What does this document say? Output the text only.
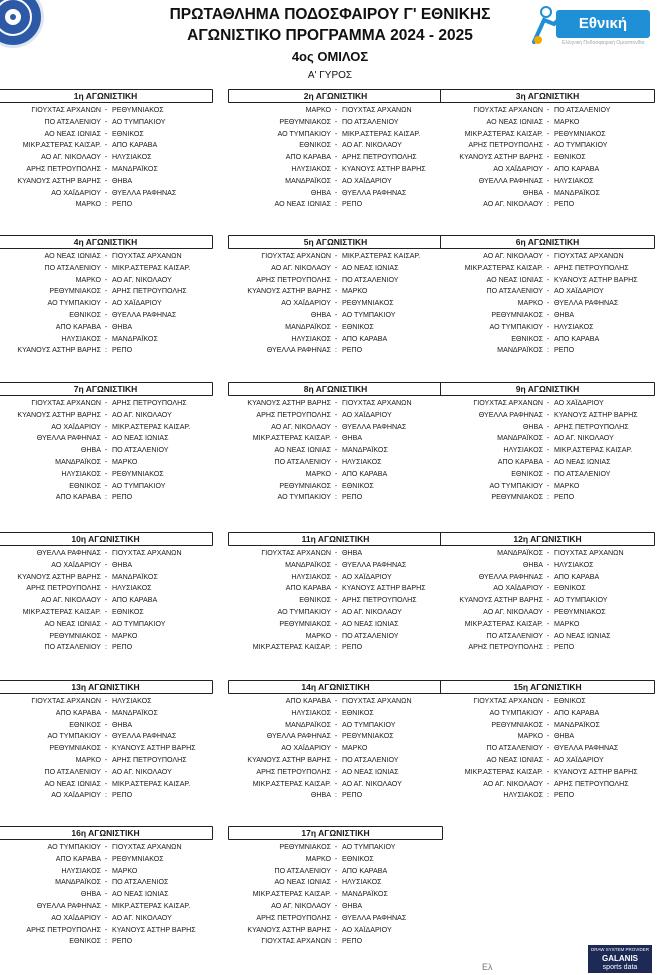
ΠΡΩΤΑΘΛΗΜΑ ΠΟΔΟΣΦΑΙΡΟΥ Γ' ΕΘΝΙΚΗΣ
ΑΓΩΝΙΣΤΙΚΟ ΠΡΟΓΡΑΜΜΑ 2024 - 2025
4ος ΟΜΙΛΟΣ
Α' ΓΥΡΟΣ
Εθνική
Ελληνική Ποδοσφαιρική Ομοσπονδία
1η ΑΓΩΝΙΣΤΙΚΗ
ΓΙΟΥΧΤΑΣ ΑΡΧΑΝΩΝ - ΡΕΘΥΜΝΙΑΚΟΣ
ΠΟ ΑΤΣΑΛΕΝΙΟΥ - ΑΟ ΤΥΜΠΑΚΙΟΥ
ΑΟ ΝΕΑΣ ΙΩΝΙΑΣ - ΕΘΝΙΚΟΣ
ΜΙΚΡ.ΑΣΤΕΡΑΣ ΚΑΙΣΑΡ. - ΑΠΟ ΚΑΡΑΒΑ
ΑΟ ΑΓ. ΝΙΚΟΛΑΟΥ - ΗΛΥΣΙΑΚΟΣ
ΑΡΗΣ ΠΕΤΡΟΥΠΟΛΗΣ - ΜΑΝΔΡΑΪΚΟΣ
ΚΥΑΝΟΥΣ ΑΣΤΗΡ ΒΑΡΗΣ - ΘΗΒΑ
ΑΟ ΧΑΪΔΑΡΙΟΥ - ΘΥΕΛΛΑ ΡΑΦΗΝΑΣ
ΜΑΡΚΟ : ΡΕΠΟ
2η ΑΓΩΝΙΣΤΙΚΗ
ΜΑΡΚΟ - ΓΙΟΥΧΤΑΣ ΑΡΧΑΝΩΝ
ΡΕΘΥΜΝΙΑΚΟΣ - ΠΟ ΑΤΣΑΛΕΝΙΟΥ
ΑΟ ΤΥΜΠΑΚΙΟΥ - ΜΙΚΡ.ΑΣΤΕΡΑΣ ΚΑΙΣΑΡ.
ΕΘΝΙΚΟΣ - ΑΟ ΑΓ. ΝΙΚΟΛΑΟΥ
ΑΠΟ ΚΑΡΑΒΑ - ΑΡΗΣ ΠΕΤΡΟΥΠΟΛΗΣ
ΗΛΥΣΙΑΚΟΣ - ΚΥΑΝΟΥΣ ΑΣΤΗΡ ΒΑΡΗΣ
ΜΑΝΔΡΑΪΚΟΣ - ΑΟ ΧΑΪΔΑΡΙΟΥ
ΘΗΒΑ - ΘΥΕΛΛΑ ΡΑΦΗΝΑΣ
ΑΟ ΝΕΑΣ ΙΩΝΙΑΣ : ΡΕΠΟ
3η ΑΓΩΝΙΣΤΙΚΗ
ΓΙΟΥΧΤΑΣ ΑΡΧΑΝΩΝ - ΠΟ ΑΤΣΑΛΕΝΙΟΥ
ΑΟ ΝΕΑΣ ΙΩΝΙΑΣ - ΜΑΡΚΟ
ΜΙΚΡ.ΑΣΤΕΡΑΣ ΚΑΙΣΑΡ. - ΡΕΘΥΜΝΙΑΚΟΣ
ΑΡΗΣ ΠΕΤΡΟΥΠΟΛΗΣ - ΑΟ ΤΥΜΠΑΚΙΟΥ
ΚΥΑΝΟΥΣ ΑΣΤΗΡ ΒΑΡΗΣ - ΕΘΝΙΚΟΣ
ΑΟ ΧΑΪΔΑΡΙΟΥ - ΑΠΟ ΚΑΡΑΒΑ
ΘΥΕΛΛΑ ΡΑΦΗΝΑΣ - ΗΛΥΣΙΑΚΟΣ
ΘΗΒΑ - ΜΑΝΔΡΑΪΚΟΣ
ΑΟ ΑΓ. ΝΙΚΟΛΑΟΥ : ΡΕΠΟ
4η ΑΓΩΝΙΣΤΙΚΗ
ΑΟ ΝΕΑΣ ΙΩΝΙΑΣ - ΓΙΟΥΧΤΑΣ ΑΡΧΑΝΩΝ
ΠΟ ΑΤΣΑΛΕΝΙΟΥ - ΜΙΚΡ.ΑΣΤΕΡΑΣ ΚΑΙΣΑΡ.
ΜΑΡΚΟ - ΑΟ ΑΓ. ΝΙΚΟΛΑΟΥ
ΡΕΘΥΜΝΙΑΚΟΣ - ΑΡΗΣ ΠΕΤΡΟΥΠΟΛΗΣ
ΑΟ ΤΥΜΠΑΚΙΟΥ - ΑΟ ΧΑΪΔΑΡΙΟΥ
ΕΘΝΙΚΟΣ - ΘΥΕΛΛΑ ΡΑΦΗΝΑΣ
ΑΠΟ ΚΑΡΑΒΑ - ΘΗΒΑ
ΗΛΥΣΙΑΚΟΣ - ΜΑΝΔΡΑΪΚΟΣ
ΚΥΑΝΟΥΣ ΑΣΤΗΡ ΒΑΡΗΣ : ΡΕΠΟ
5η ΑΓΩΝΙΣΤΙΚΗ
ΓΙΟΥΧΤΑΣ ΑΡΧΑΝΩΝ - ΜΙΚΡ.ΑΣΤΕΡΑΣ ΚΑΙΣΑΡ.
ΑΟ ΑΓ. ΝΙΚΟΛΑΟΥ - ΑΟ ΝΕΑΣ ΙΩΝΙΑΣ
ΑΡΗΣ ΠΕΤΡΟΥΠΟΛΗΣ - ΠΟ ΑΤΣΑΛΕΝΙΟΥ
ΚΥΑΝΟΥΣ ΑΣΤΗΡ ΒΑΡΗΣ - ΜΑΡΚΟ
ΑΟ ΧΑΪΔΑΡΙΟΥ - ΡΕΘΥΜΝΙΑΚΟΣ
ΘΗΒΑ - ΑΟ ΤΥΜΠΑΚΙΟΥ
ΜΑΝΔΡΑΪΚΟΣ - ΕΘΝΙΚΟΣ
ΗΛΥΣΙΑΚΟΣ - ΑΠΟ ΚΑΡΑΒΑ
ΘΥΕΛΛΑ ΡΑΦΗΝΑΣ : ΡΕΠΟ
6η ΑΓΩΝΙΣΤΙΚΗ
ΑΟ ΑΓ. ΝΙΚΟΛΑΟΥ - ΓΙΟΥΧΤΑΣ ΑΡΧΑΝΩΝ
ΜΙΚΡ.ΑΣΤΕΡΑΣ ΚΑΙΣΑΡ. - ΑΡΗΣ ΠΕΤΡΟΥΠΟΛΗΣ
ΑΟ ΝΕΑΣ ΙΩΝΙΑΣ - ΚΥΑΝΟΥΣ ΑΣΤΗΡ ΒΑΡΗΣ
ΠΟ ΑΤΣΑΛΕΝΙΟΥ - ΑΟ ΧΑΪΔΑΡΙΟΥ
ΜΑΡΚΟ - ΘΥΕΛΛΑ ΡΑΦΗΝΑΣ
ΡΕΘΥΜΝΙΑΚΟΣ - ΘΗΒΑ
ΑΟ ΤΥΜΠΑΚΙΟΥ - ΗΛΥΣΙΑΚΟΣ
ΕΘΝΙΚΟΣ - ΑΠΟ ΚΑΡΑΒΑ
ΜΑΝΔΡΑΪΚΟΣ : ΡΕΠΟ
7η ΑΓΩΝΙΣΤΙΚΗ
ΓΙΟΥΧΤΑΣ ΑΡΧΑΝΩΝ - ΑΡΗΣ ΠΕΤΡΟΥΠΟΛΗΣ
ΚΥΑΝΟΥΣ ΑΣΤΗΡ ΒΑΡΗΣ - ΑΟ ΑΓ. ΝΙΚΟΛΑΟΥ
ΑΟ ΧΑΪΔΑΡΙΟΥ - ΜΙΚΡ.ΑΣΤΕΡΑΣ ΚΑΙΣΑΡ.
ΘΥΕΛΛΑ ΡΑΦΗΝΑΣ - ΑΟ ΝΕΑΣ ΙΩΝΙΑΣ
ΘΗΒΑ - ΠΟ ΑΤΣΑΛΕΝΙΟΥ
ΜΑΝΔΡΑΪΚΟΣ - ΜΑΡΚΟ
ΗΛΥΣΙΑΚΟΣ - ΡΕΘΥΜΝΙΑΚΟΣ
ΕΘΝΙΚΟΣ - ΑΟ ΤΥΜΠΑΚΙΟΥ
ΑΠΟ ΚΑΡΑΒΑ : ΡΕΠΟ
8η ΑΓΩΝΙΣΤΙΚΗ
ΚΥΑΝΟΥΣ ΑΣΤΗΡ ΒΑΡΗΣ - ΓΙΟΥΧΤΑΣ ΑΡΧΑΝΩΝ
ΑΡΗΣ ΠΕΤΡΟΥΠΟΛΗΣ - ΑΟ ΧΑΪΔΑΡΙΟΥ
ΑΟ ΑΓ. ΝΙΚΟΛΑΟΥ - ΘΥΕΛΛΑ ΡΑΦΗΝΑΣ
ΜΙΚΡ.ΑΣΤΕΡΑΣ ΚΑΙΣΑΡ. - ΘΗΒΑ
ΑΟ ΝΕΑΣ ΙΩΝΙΑΣ - ΜΑΝΔΡΑΪΚΟΣ
ΠΟ ΑΤΣΑΛΕΝΙΟΥ - ΗΛΥΣΙΑΚΟΣ
ΜΑΡΚΟ - ΑΠΟ ΚΑΡΑΒΑ
ΡΕΘΥΜΝΙΑΚΟΣ - ΕΘΝΙΚΟΣ
ΑΟ ΤΥΜΠΑΚΙΟΥ : ΡΕΠΟ
9η ΑΓΩΝΙΣΤΙΚΗ
ΓΙΟΥΧΤΑΣ ΑΡΧΑΝΩΝ - ΑΟ ΧΑΪΔΑΡΙΟΥ
ΘΥΕΛΛΑ ΡΑΦΗΝΑΣ - ΚΥΑΝΟΥΣ ΑΣΤΗΡ ΒΑΡΗΣ
ΘΗΒΑ - ΑΡΗΣ ΠΕΤΡΟΥΠΟΛΗΣ
ΜΑΝΔΡΑΪΚΟΣ - ΑΟ ΑΓ. ΝΙΚΟΛΑΟΥ
ΗΛΥΣΙΑΚΟΣ - ΜΙΚΡ.ΑΣΤΕΡΑΣ ΚΑΙΣΑΡ.
ΑΠΟ ΚΑΡΑΒΑ - ΑΟ ΝΕΑΣ ΙΩΝΙΑΣ
ΕΘΝΙΚΟΣ - ΠΟ ΑΤΣΑΛΕΝΙΟΥ
ΑΟ ΤΥΜΠΑΚΙΟΥ - ΜΑΡΚΟ
ΡΕΘΥΜΝΙΑΚΟΣ : ΡΕΠΟ
10η ΑΓΩΝΙΣΤΙΚΗ
ΘΥΕΛΛΑ ΡΑΦΗΝΑΣ - ΓΙΟΥΧΤΑΣ ΑΡΧΑΝΩΝ
ΑΟ ΧΑΪΔΑΡΙΟΥ - ΘΗΒΑ
ΚΥΑΝΟΥΣ ΑΣΤΗΡ ΒΑΡΗΣ - ΜΑΝΔΡΑΪΚΟΣ
ΑΡΗΣ ΠΕΤΡΟΥΠΟΛΗΣ - ΗΛΥΣΙΑΚΟΣ
ΑΟ ΑΓ. ΝΙΚΟΛΑΟΥ - ΑΠΟ ΚΑΡΑΒΑ
ΜΙΚΡ.ΑΣΤΕΡΑΣ ΚΑΙΣΑΡ. - ΕΘΝΙΚΟΣ
ΑΟ ΝΕΑΣ ΙΩΝΙΑΣ - ΑΟ ΤΥΜΠΑΚΙΟΥ
ΡΕΘΥΜΝΙΑΚΟΣ - ΜΑΡΚΟ
ΠΟ ΑΤΣΑΛΕΝΙΟΥ : ΡΕΠΟ
11η ΑΓΩΝΙΣΤΙΚΗ
ΓΙΟΥΧΤΑΣ ΑΡΧΑΝΩΝ - ΘΗΒΑ
ΜΑΝΔΡΑΪΚΟΣ - ΘΥΕΛΛΑ ΡΑΦΗΝΑΣ
ΗΛΥΣΙΑΚΟΣ - ΑΟ ΧΑΪΔΑΡΙΟΥ
ΑΠΟ ΚΑΡΑΒΑ - ΚΥΑΝΟΥΣ ΑΣΤΗΡ ΒΑΡΗΣ
ΕΘΝΙΚΟΣ - ΑΡΗΣ ΠΕΤΡΟΥΠΟΛΗΣ
ΑΟ ΤΥΜΠΑΚΙΟΥ - ΑΟ ΑΓ. ΝΙΚΟΛΑΟΥ
ΡΕΘΥΜΝΙΑΚΟΣ - ΑΟ ΝΕΑΣ ΙΩΝΙΑΣ
ΜΑΡΚΟ - ΠΟ ΑΤΣΑΛΕΝΙΟΥ
ΜΙΚΡ.ΑΣΤΕΡΑΣ ΚΑΙΣΑΡ. : ΡΕΠΟ
12η ΑΓΩΝΙΣΤΙΚΗ
ΜΑΝΔΡΑΪΚΟΣ - ΓΙΟΥΧΤΑΣ ΑΡΧΑΝΩΝ
ΘΗΒΑ - ΗΛΥΣΙΑΚΟΣ
ΘΥΕΛΛΑ ΡΑΦΗΝΑΣ - ΑΠΟ ΚΑΡΑΒΑ
ΑΟ ΧΑΪΔΑΡΙΟΥ - ΕΘΝΙΚΟΣ
ΚΥΑΝΟΥΣ ΑΣΤΗΡ ΒΑΡΗΣ - ΑΟ ΤΥΜΠΑΚΙΟΥ
ΑΟ ΑΓ. ΝΙΚΟΛΑΟΥ - ΡΕΘΥΜΝΙΑΚΟΣ
ΜΙΚΡ.ΑΣΤΕΡΑΣ ΚΑΙΣΑΡ. - ΜΑΡΚΟ
ΠΟ ΑΤΣΑΛΕΝΙΟΥ - ΑΟ ΝΕΑΣ ΙΩΝΙΑΣ
ΑΡΗΣ ΠΕΤΡΟΥΠΟΛΗΣ : ΡΕΠΟ
13η ΑΓΩΝΙΣΤΙΚΗ
ΓΙΟΥΧΤΑΣ ΑΡΧΑΝΩΝ - ΗΛΥΣΙΑΚΟΣ
ΑΠΟ ΚΑΡΑΒΑ - ΜΑΝΔΡΑΪΚΟΣ
ΕΘΝΙΚΟΣ - ΘΗΒΑ
ΑΟ ΤΥΜΠΑΚΙΟΥ - ΘΥΕΛΛΑ ΡΑΦΗΝΑΣ
ΡΕΘΥΜΝΙΑΚΟΣ - ΚΥΑΝΟΥΣ ΑΣΤΗΡ ΒΑΡΗΣ
ΜΑΡΚΟ - ΑΡΗΣ ΠΕΤΡΟΥΠΟΛΗΣ
ΠΟ ΑΤΣΑΛΕΝΙΟΥ - ΑΟ ΑΓ. ΝΙΚΟΛΑΟΥ
ΑΟ ΝΕΑΣ ΙΩΝΙΑΣ - ΜΙΚΡ.ΑΣΤΕΡΑΣ ΚΑΙΣΑΡ.
ΑΟ ΧΑΪΔΑΡΙΟΥ : ΡΕΠΟ
14η ΑΓΩΝΙΣΤΙΚΗ
ΑΠΟ ΚΑΡΑΒΑ - ΓΙΟΥΧΤΑΣ ΑΡΧΑΝΩΝ
ΗΛΥΣΙΑΚΟΣ - ΕΘΝΙΚΟΣ
ΜΑΝΔΡΑΪΚΟΣ - ΑΟ ΤΥΜΠΑΚΙΟΥ
ΘΥΕΛΛΑ ΡΑΦΗΝΑΣ - ΡΕΘΥΜΝΙΑΚΟΣ
ΑΟ ΧΑΪΔΑΡΙΟΥ - ΜΑΡΚΟ
ΚΥΑΝΟΥΣ ΑΣΤΗΡ ΒΑΡΗΣ - ΠΟ ΑΤΣΑΛΕΝΙΟΥ
ΑΡΗΣ ΠΕΤΡΟΥΠΟΛΗΣ - ΑΟ ΝΕΑΣ ΙΩΝΙΑΣ
ΜΙΚΡ.ΑΣΤΕΡΑΣ ΚΑΙΣΑΡ. - ΑΟ ΑΓ. ΝΙΚΟΛΑΟΥ
ΘΗΒΑ : ΡΕΠΟ
15η ΑΓΩΝΙΣΤΙΚΗ
ΓΙΟΥΧΤΑΣ ΑΡΧΑΝΩΝ - ΕΘΝΙΚΟΣ
ΑΟ ΤΥΜΠΑΚΙΟΥ - ΑΠΟ ΚΑΡΑΒΑ
ΡΕΘΥΜΝΙΑΚΟΣ - ΜΑΝΔΡΑΪΚΟΣ
ΜΑΡΚΟ - ΘΗΒΑ
ΠΟ ΑΤΣΑΛΕΝΙΟΥ - ΘΥΕΛΛΑ ΡΑΦΗΝΑΣ
ΑΟ ΝΕΑΣ ΙΩΝΙΑΣ - ΑΟ ΧΑΪΔΑΡΙΟΥ
ΜΙΚΡ.ΑΣΤΕΡΑΣ ΚΑΙΣΑΡ. - ΚΥΑΝΟΥΣ ΑΣΤΗΡ ΒΑΡΗΣ
ΑΟ ΑΓ. ΝΙΚΟΛΑΟΥ - ΑΡΗΣ ΠΕΤΡΟΥΠΟΛΗΣ
ΗΛΥΣΙΑΚΟΣ : ΡΕΠΟ
16η ΑΓΩΝΙΣΤΙΚΗ
ΑΟ ΤΥΜΠΑΚΙΟΥ - ΓΙΟΥΧΤΑΣ ΑΡΧΑΝΩΝ
ΑΠΟ ΚΑΡΑΒΑ - ΡΕΘΥΜΝΙΑΚΟΣ
ΗΛΥΣΙΑΚΟΣ - ΜΑΡΚΟ
ΜΑΝΔΡΑΪΚΟΣ - ΠΟ ΑΤΣΑΛΕΝΙΟΣ
ΘΗΒΑ - ΑΟ ΝΕΑΣ ΙΩΝΙΑΣ
ΘΥΕΛΛΑ ΡΑΦΗΝΑΣ - ΜΙΚΡ.ΑΣΤΕΡΑΣ ΚΑΙΣΑΡ.
ΑΟ ΧΑΪΔΑΡΙΟΥ - ΑΟ ΑΓ. ΝΙΚΟΛΑΟΥ
ΑΡΗΣ ΠΕΤΡΟΥΠΟΛΗΣ - ΚΥΑΝΟΥΣ ΑΣΤΗΡ ΒΑΡΗΣ
ΕΘΝΙΚΟΣ : ΡΕΠΟ
17η ΑΓΩΝΙΣΤΙΚΗ
ΡΕΘΥΜΝΙΑΚΟΣ - ΑΟ ΤΥΜΠΑΚΙΟΥ
ΜΑΡΚΟ - ΕΘΝΙΚΟΣ
ΠΟ ΑΤΣΑΛΕΝΙΟΥ - ΑΠΟ ΚΑΡΑΒΑ
ΑΟ ΝΕΑΣ ΙΩΝΙΑΣ - ΗΛΥΣΙΑΚΟΣ
ΜΙΚΡ.ΑΣΤΕΡΑΣ ΚΑΙΣΑΡ. - ΜΑΝΔΡΑΪΚΟΣ
ΑΟ ΑΓ. ΝΙΚΟΛΑΟΥ - ΘΗΒΑ
ΑΡΗΣ ΠΕΤΡΟΥΠΟΛΗΣ - ΘΥΕΛΛΑ ΡΑΦΗΝΑΣ
ΚΥΑΝΟΥΣ ΑΣΤΗΡ ΒΑΡΗΣ - ΑΟ ΧΑΪΔΑΡΙΟΥ
ΓΙΟΥΧΤΑΣ ΑΡΧΑΝΩΝ : ΡΕΠΟ
DRAW SYSTEM PROVIDER
GALANIS
sports data
Ελ
